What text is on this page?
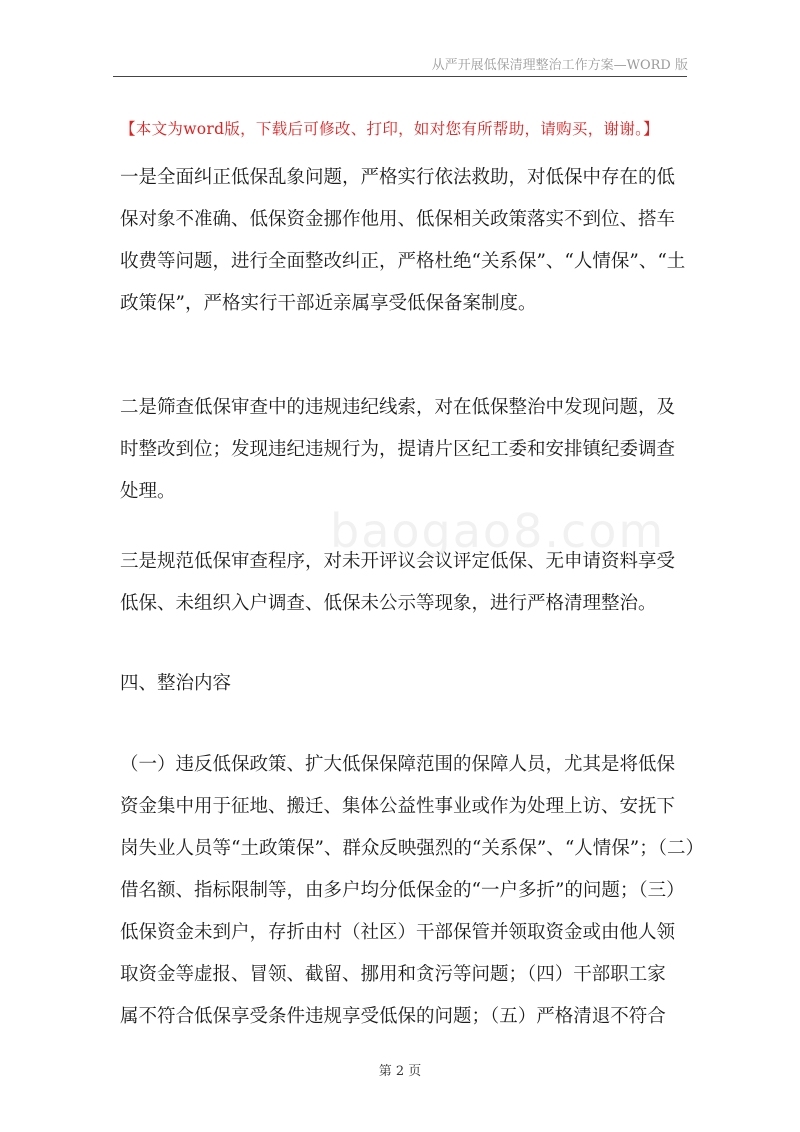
从严开展低保清理整治工作方案—WORD 版
【本文为word版，下载后可修改、打印，如对您有所帮助，请购买，谢谢。】
baogao8.com
一是全面纠正低保乱象问题，严格实行依法救助，对低保中存在的低
保对象不准确、低保资金挪作他用、低保相关政策落实不到位、搭车
收费等问题，进行全面整改纠正，严格杜绝“关系保”、“人情保”、“土
政策保”，严格实行干部近亲属享受低保备案制度。
二是筛查低保审查中的违规违纪线索，对在低保整治中发现问题，及
时整改到位；发现违纪违规行为，提请片区纪工委和安排镇纪委调查
处理。
三是规范低保审查程序，对未开评议会议评定低保、无申请资料享受
低保、未组织入户调查、低保未公示等现象，进行严格清理整治。
四、整治内容
（一）违反低保政策、扩大低保保障范围的保障人员，尤其是将低保
资金集中用于征地、搬迁、集体公益性事业或作为处理上访、安抚下
岗失业人员等“土政策保”、群众反映强烈的“关系保”、“人情保”；（二）
借名额、指标限制等，由多户均分低保金的“一户多折”的问题；（三）
低保资金未到户，存折由村（社区）干部保管并领取资金或由他人领
取资金等虚报、冒领、截留、挪用和贪污等问题；（四）干部职工家
属不符合低保享受条件违规享受低保的问题；（五）严格清退不符合
第 2 页
